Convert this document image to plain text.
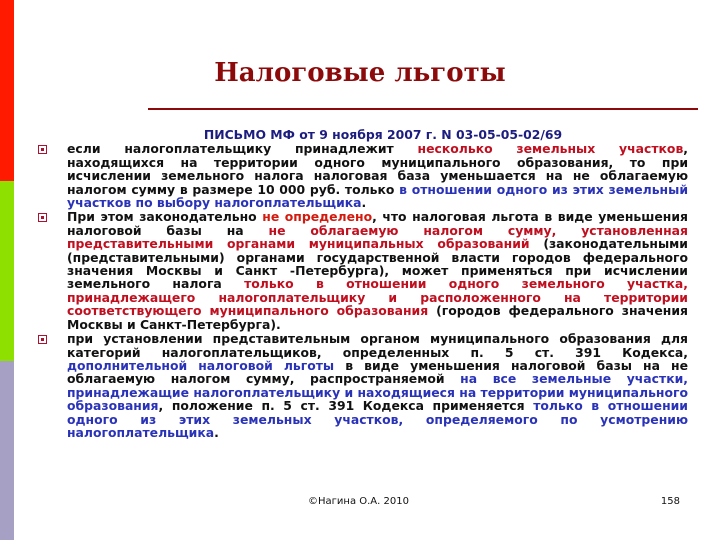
Налоговые льготы
ПИСЬМО МФ от 9 ноября 2007 г. N 03-05-05-02/69
если налогоплательщику принадлежит несколько земельных участков, находящихся на территории одного муниципального образования, то при исчислении земельного налога налоговая база уменьшается на не облагаемую налогом сумму в размере 10 000 руб. только в отношении одного из этих земельный участков по выбору налогоплательщика.
При этом законодательно не определено, что налоговая льгота в виде уменьшения налоговой базы на не облагаемую налогом сумму, установленная представительными органами муниципальных образований (законодательными (представительными) органами государственной власти городов федерального значения Москвы и Санкт -Петербурга), может применяться при исчислении земельного налога только в отношении одного земельного участка, принадлежащего налогоплательщику и расположенного на территории соответствующего муниципального образования (городов федерального значения Москвы и Санкт-Петербурга).
при установлении представительным органом муниципального образования для категорий налогоплательщиков, определенных п. 5 ст. 391 Кодекса, дополнительной налоговой льготы в виде уменьшения налоговой базы на не облагаемую налогом сумму, распространяемой на все земельные участки, принадлежащие налогоплательщику и находящиеся на территории муниципального образования, положение п. 5 ст. 391 Кодекса применяется только в отношении одного из этих земельных участков, определяемого по усмотрению налогоплательщика.
©Нагина О.А. 2010	158
